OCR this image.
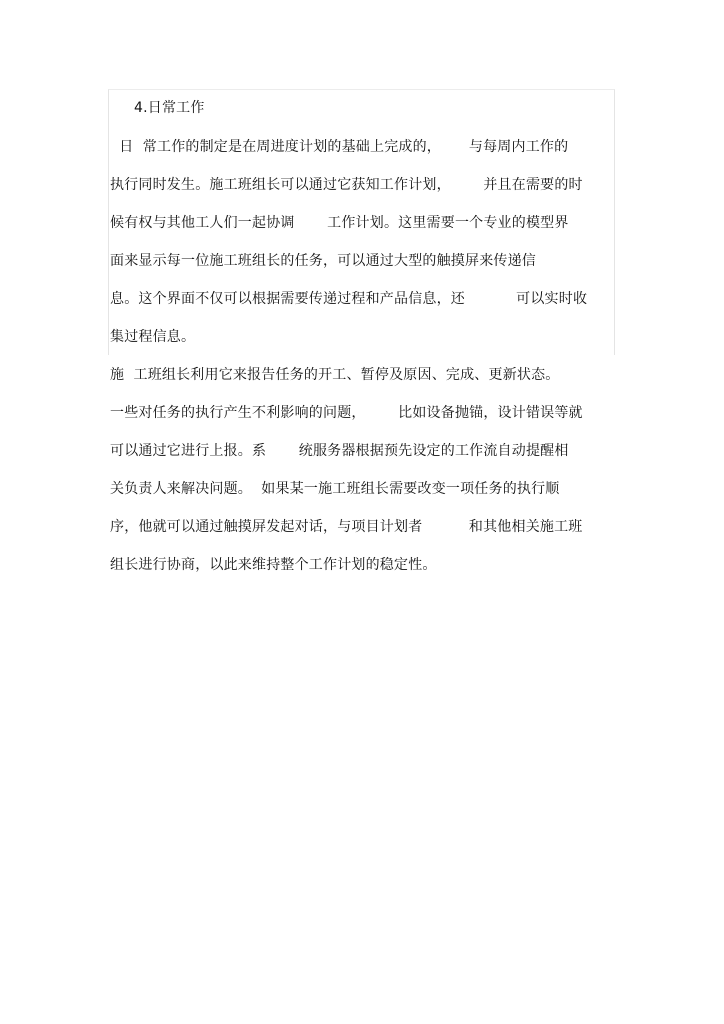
4.日常工作
日  常工作的制定是在周进度计划的基础上完成的，      与每周内工作的
执行同时发生。施工班组长可以通过它获知工作计划，       并且在需要的时
候有权与其他工人们一起协调       工作计划。这里需要一个专业的模型界
面来显示每一位施工班组长的任务，可以通过大型的触摸屏来传递信
息。这个界面不仅可以根据需要传递过程和产品信息，还           可以实时收
集过程信息。
施  工班组长利用它来报告任务的开工、暂停及原因、完成、更新状态。
一些对任务的执行产生不利影响的问题，       比如设备抛锚，设计错误等就
可以通过它进行上报。系       统服务器根据预先设定的工作流自动提醒相
关负责人来解决问题。  如果某一施工班组长需要改变一项任务的执行顺
序，他就可以通过触摸屏发起对话，与项目计划者          和其他相关施工班
组长进行协商，以此来维持整个工作计划的稳定性。
